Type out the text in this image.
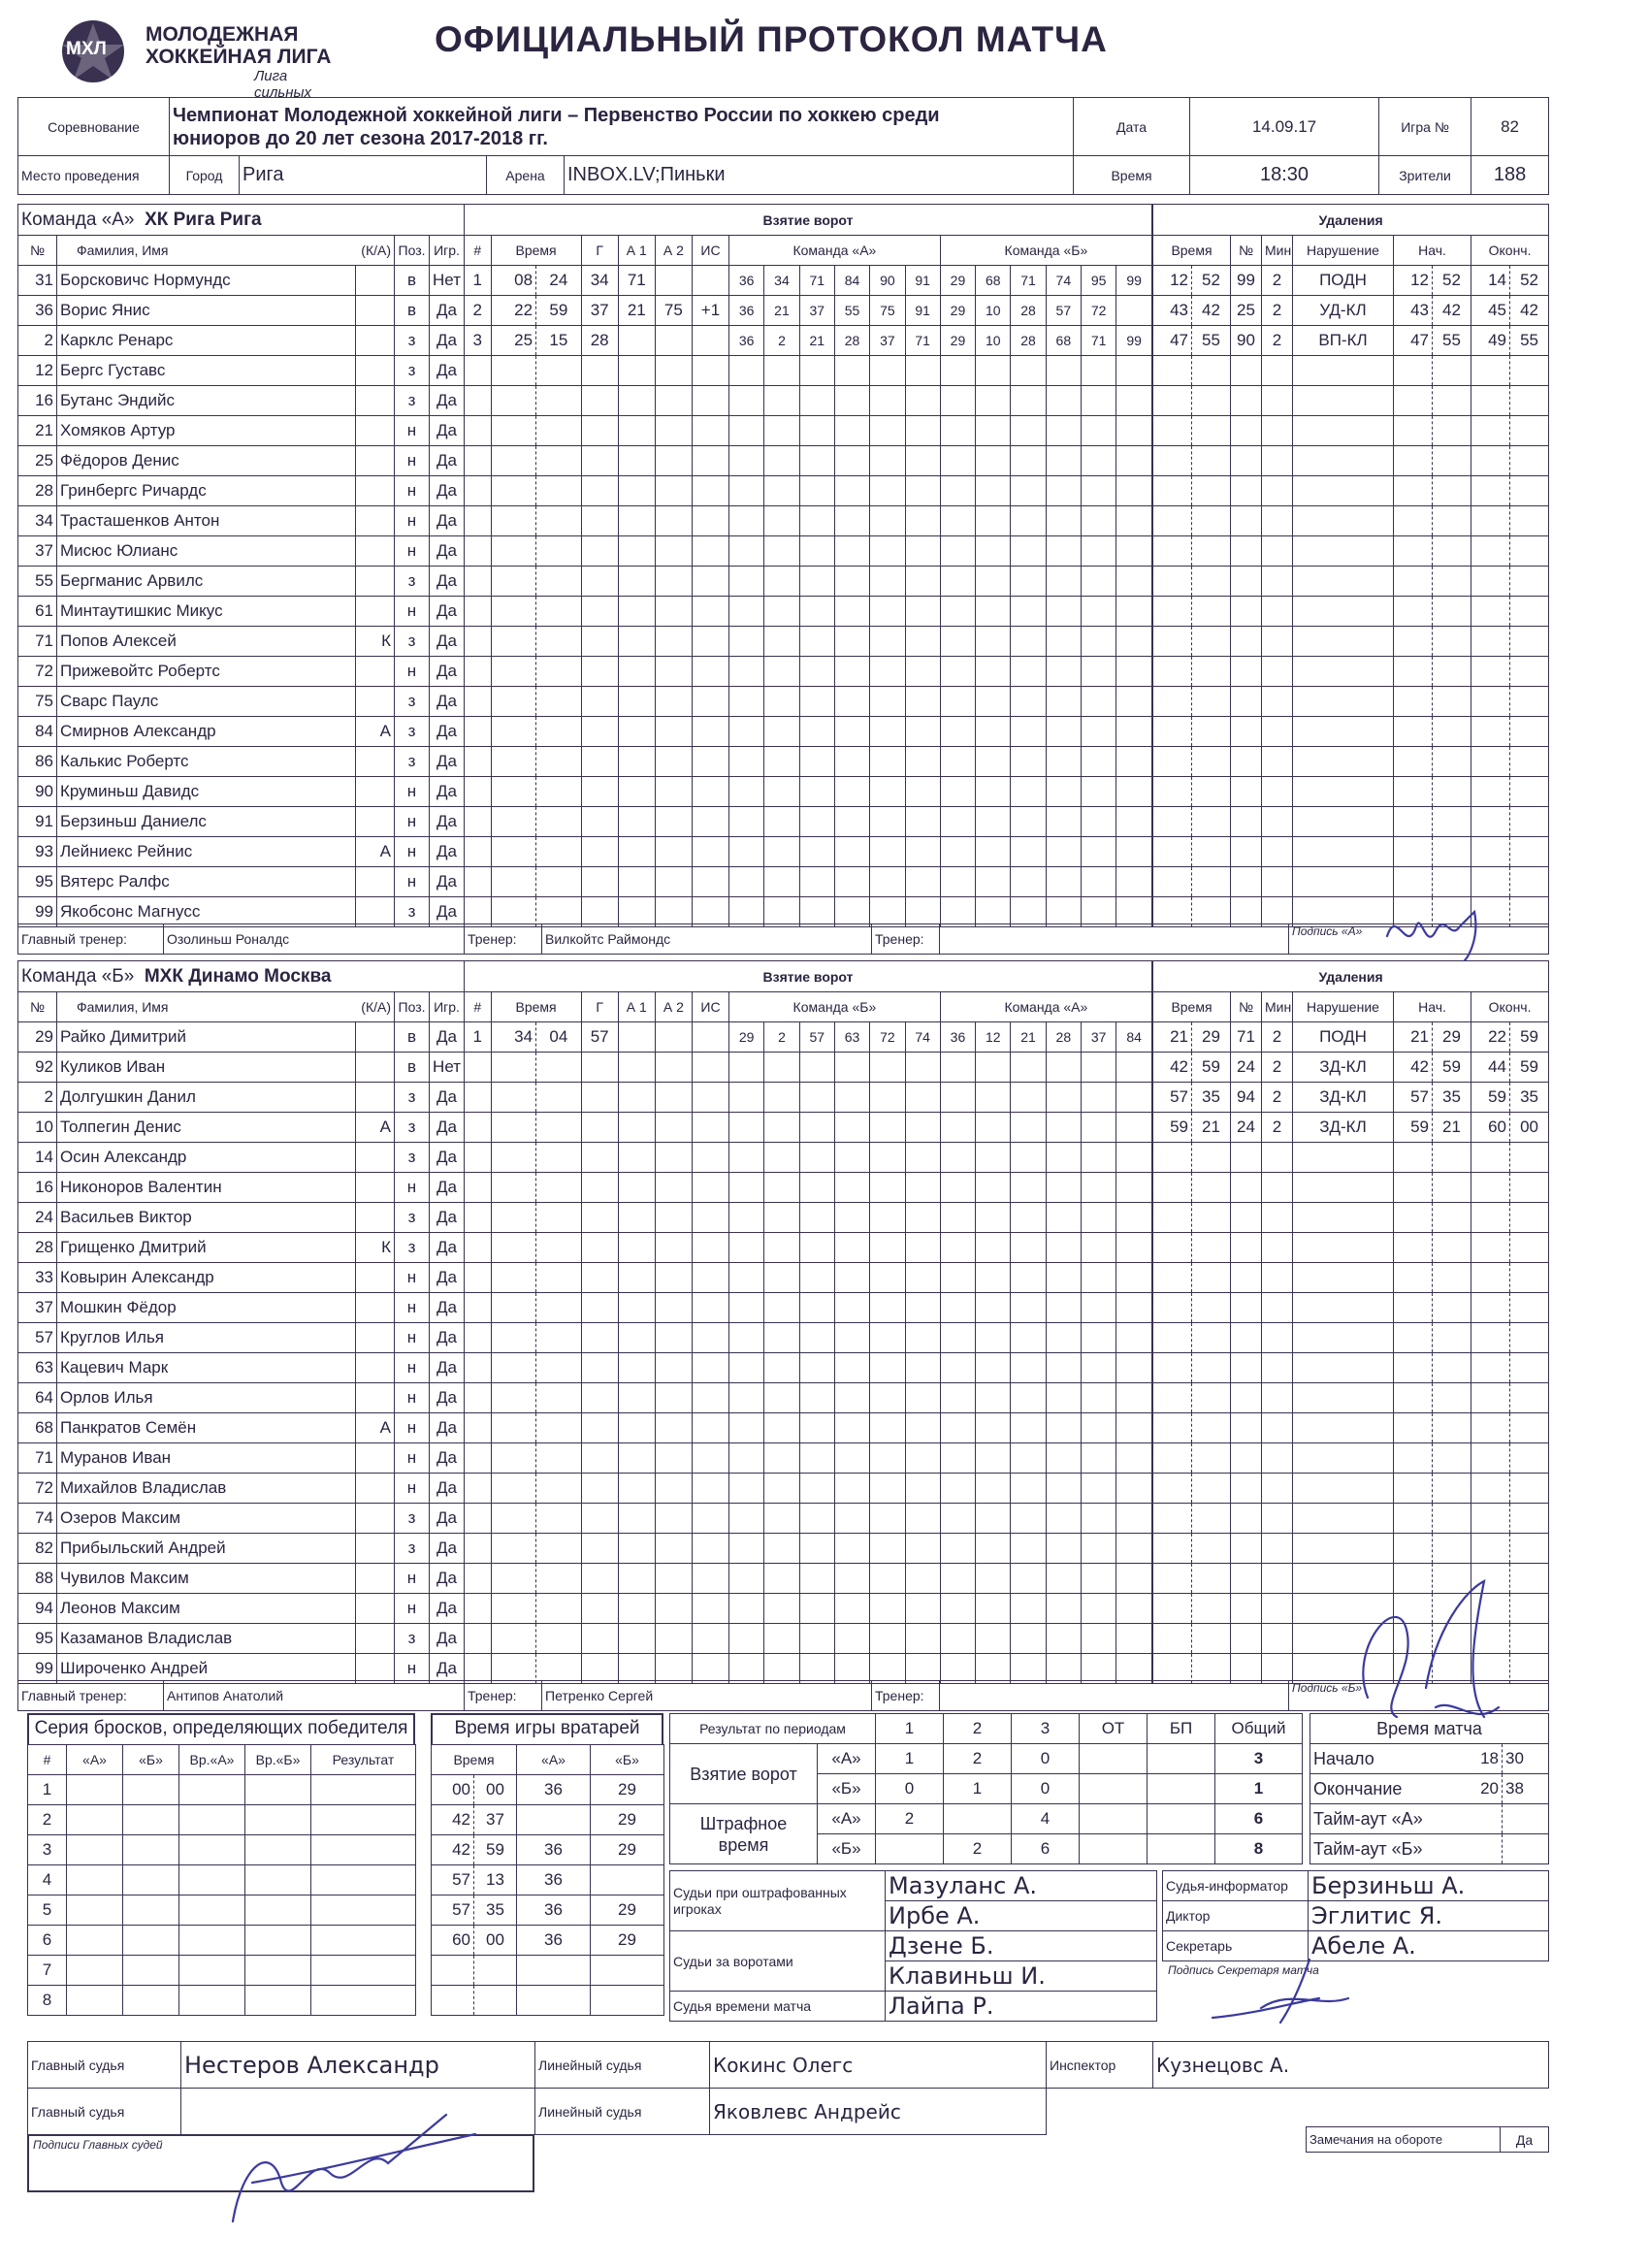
МХЛ
МОЛОДЕЖНАЯ
ХОККЕЙНАЯ ЛИГА
Лига сильных
ОФИЦИАЛЬНЫЙ ПРОТОКОЛ МАТЧА
Соревнование	Чемпионат Молодежной хоккейной лиги – Первенство России по хоккею среди
юниоров до 20 лет сезона 2017-2018 гг.				Дата	14.09.17	Игра №	82
Место проведения	Город	Рига	Арена	INBOX.LV;Пиньки	Время	18:30	Зрители	188
Команда «А» ХК Рига Рига				
№	Фамилия, Имя (К/А)		Поз.	Игр.
31	Борсковичс Нормундс		в	Нет
36	Ворис Янис		в	Да
2	Карклс Ренарс		з	Да
12	Бергс Густавс		з	Да
16	Бутанс Эндийс		з	Да
21	Хомяков Артур		н	Да
25	Фёдоров Денис		н	Да
28	Гринбергс Ричардс		н	Да
34	Трасташенков Антон		н	Да
37	Мисюс Юлианс		н	Да
55	Бергманис Арвилс		з	Да
61	Минтаутишкис Микус		н	Да
71	Попов Алексей	К	з	Да
72	Прижевойтс Робертс		н	Да
75	Сварс Паулс		з	Да
84	Смирнов Александр	А	з	Да
86	Калькис Робертс		з	Да
90	Круминьш Давидс		н	Да
91	Берзиньш Даниелс		н	Да
93	Лейниекс Рейнис	А	н	Да
95	Вятерс Ралфс		н	Да
99	Якобсонс Магнусс		з	Да
Взятие ворот																		
#	Время		Г	А 1	А 2	ИС	Команда «А»						Команда «Б»					
1	08	24	34	71			36	34	71	84	90	91	29	68	71	74	95	99
2	22	59	37	21	75	+1	36	21	37	55	75	91	29	10	28	57	72	
3	25	15	28				36	2	21	28	37	71	29	10	28	68	71	99

Удаления								
Время		№	Мин	Нарушение	Нач.		Оконч.	
12	52	99	2	ПОДН	12	52	14	52
43	42	25	2	УД-КЛ	43	42	45	42
47	55	90	2	ВП-КЛ	47	55	49	55

Главный тренер:	Озолиньш Роналдс	Тренер:	Вилкойтс Раймондс	Тренер:		Подпись «А»
Команда «Б» МХК Динамо Москва				
№	Фамилия, Имя (К/А)		Поз.	Игр.
29	Райко Димитрий		в	Да
92	Куликов Иван		в	Нет
2	Долгушкин Данил		з	Да
10	Толпегин Денис	А	з	Да
14	Осин Александр		з	Да
16	Никоноров Валентин		н	Да
24	Васильев Виктор		з	Да
28	Грищенко Дмитрий	К	з	Да
33	Ковырин Александр		н	Да
37	Мошкин Фёдор		н	Да
57	Круглов Илья		н	Да
63	Кацевич Марк		н	Да
64	Орлов Илья		н	Да
68	Панкратов Семён	А	н	Да
71	Муранов Иван		н	Да
72	Михайлов Владислав		н	Да
74	Озеров Максим		з	Да
82	Прибыльский Андрей		з	Да
88	Чувилов Максим		н	Да
94	Леонов Максим		н	Да
95	Казаманов Владислав		з	Да
99	Широченко Андрей		н	Да
Взятие ворот																		
#	Время		Г	А 1	А 2	ИС	Команда «Б»						Команда «А»					
1	34	04	57				29	2	57	63	72	74	36	12	21	28	37	84

Удаления								
Время		№	Мин	Нарушение	Нач.		Оконч.	
21	29	71	2	ПОДН	21	29	22	59
42	59	24	2	ЗД-КЛ	42	59	44	59
57	35	94	2	ЗД-КЛ	57	35	59	35
59	21	24	2	ЗД-КЛ	59	21	60	00

Главный тренер:	Антипов Анатолий	Тренер:	Петренко Сергей	Тренер:		Подпись «Б»
Серия бросков, определяющих победителя
#	«А»	«Б»	Вр.«А»	Вр.«Б»	Результат
1					
2					
3					
4					
5					
6					
7					
8					
Время игры вратарей
Время		«А»	«Б»
00	00	36	29
42	37		29
42	59	36	29
57	13	36	
57	35	36	29
60	00	36	29

Результат по периодам		1	2	3	ОТ	БП	Общий
Взятие ворот	«А»	1	2	0			3
	«Б»	0	1	0			1
Штрафное время	«А»	2		4			6
	«Б»		2	6			8
Время матча		
Начало	18	30
Окончание	20	38
Тайм-аут «А»		
Тайм-аут «Б»		
Судьи при оштрафованных игроках	Мазуланс А.
	Ирбе А.
Судьи за воротами	Дзене Б.
	Клавиньш И.
Судья времени матча	Лайпа Р.
Судья-информатор	Берзиньш А.
Диктор	Эглитис Я.
Секретарь	Абеле А.
Подпись Секретаря матча
Главный судья	Нестеров Александр	Линейный судья	Кокинс Олегс
Главный судья		Линейный судья	Яковлевс Андрейс
Подписи Главных судей
Инспектор	Кузнецовс А.
Замечания на обороте	Да
